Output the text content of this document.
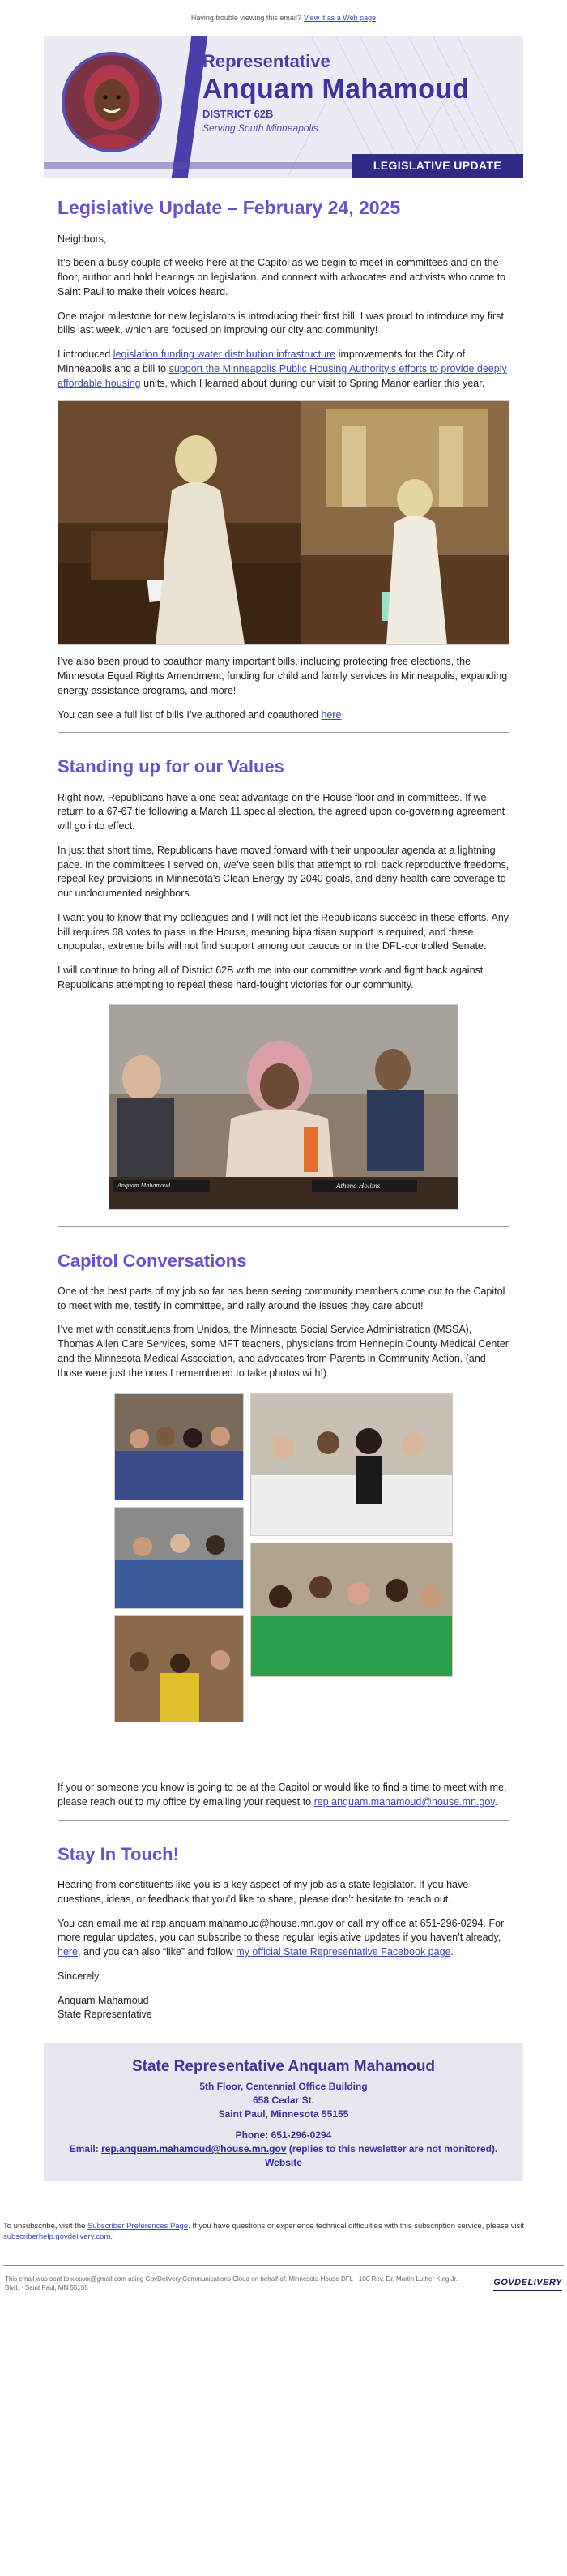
Having trouble viewing this email? View it as a Web page
Representative
Anquam Mahamoud
DISTRICT 62B
Serving South Minneapolis
LEGISLATIVE UPDATE
Legislative Update – February 24, 2025

Neighbors,

It’s been a busy couple of weeks here at the Capitol as we begin to meet in committees and on the floor, author and hold hearings on legislation, and connect with advocates and activists who come to Saint Paul to make their voices heard.

One major milestone for new legislators is introducing their first bill. I was proud to introduce my first bills last week, which are focused on improving our city and community!

I introduced legislation funding water distribution infrastructure improvements for the City of Minneapolis and a bill to support the Minneapolis Public Housing Authority’s efforts to provide deeply affordable housing units, which I learned about during our visit to Spring Manor earlier this year.

I’ve also been proud to coauthor many important bills, including protecting free elections, the Minnesota Equal Rights Amendment, funding for child and family services in Minneapolis, expanding energy assistance programs, and more!

You can see a full list of bills I’ve authored and coauthored here.

Standing up for our Values

Right now, Republicans have a one-seat advantage on the House floor and in committees. If we return to a 67-67 tie following a March 11 special election, the agreed upon co-governing agreement will go into effect.

In just that short time, Republicans have moved forward with their unpopular agenda at a lightning pace. In the committees I served on, we’ve seen bills that attempt to roll back reproductive freedoms, repeal key provisions in Minnesota’s Clean Energy by 2040 goals, and deny health care coverage to our undocumented neighbors.

I want you to know that my colleagues and I will not let the Republicans succeed in these efforts. Any bill requires 68 votes to pass in the House, meaning bipartisan support is required, and these unpopular, extreme bills will not find support among our caucus or in the DFL-controlled Senate.

I will continue to bring all of District 62B with me into our committee work and fight back against Republicans attempting to repeal these hard-fought victories for our community.

Anquam Mahamoud	Athena Hollins
Capitol Conversations

One of the best parts of my job so far has been seeing community members come out to the Capitol to meet with me, testify in committee, and rally around the issues they care about!

I’ve met with constituents from Unidos, the Minnesota Social Service Administration (MSSA), Thomas Allen Care Services, some MFT teachers, physicians from Hennepin County Medical Center and the Minnesota Medical Association, and advocates from Parents in Community Action. (and those were just the ones I remembered to take photos with!)

If you or someone you know is going to be at the Capitol or would like to find a time to meet with me, please reach out to my office by emailing your request to rep.anquam.mahamoud@house.mn.gov.

Stay In Touch!

Hearing from constituents like you is a key aspect of my job as a state legislator. If you have questions, ideas, or feedback that you’d like to share, please don’t hesitate to reach out.

You can email me at rep.anquam.mahamoud@house.mn.gov or call my office at 651-296-0294. For more regular updates, you can subscribe to these regular legislative updates if you haven’t already, here, and you can also “like” and follow my official State Representative Facebook page.

Sincerely,

Anquam Mahamoud

State Representative

State Representative Anquam Mahamoud
5th Floor, Centennial Office Building
658 Cedar St.
Saint Paul, Minnesota 55155
Phone: 651-296-0294
Email: rep.anquam.mahamoud@house.mn.gov (replies to this newsletter are not monitored).
Website
To unsubscribe, visit the Subscriber Preferences Page. If you have questions or experience technical difficulties with this subscription service, please visit subscriberhelp.govdelivery.com.
This email was sent to xxxxxx@gmail.com using GovDelivery Communications Cloud on behalf of: Minnesota House DFL · 100 Rev. Dr. Martin Luther King Jr. Blvd. · Saint Paul, MN 55155
GOVDELIVERY
